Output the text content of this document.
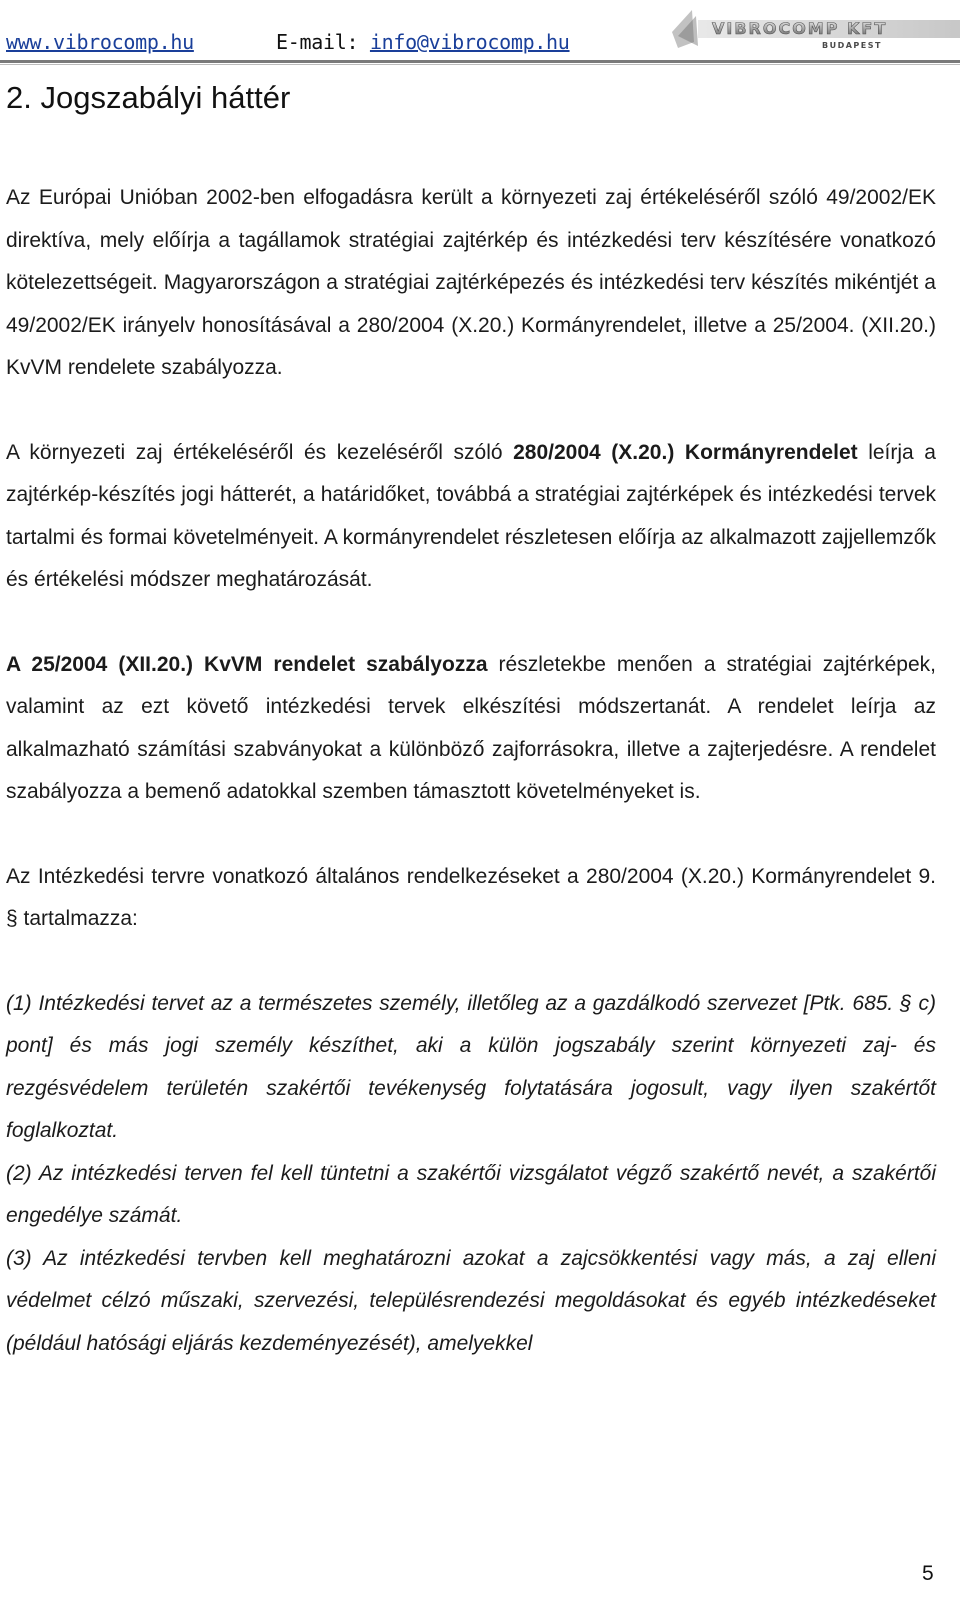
www.vibrocomp.hu	E-mail: info@vibrocomp.hu
VIBROCOMP KFT
BUDAPEST
2. Jogszabályi háttér

Az Európai Unióban 2002-ben elfogadásra került a környezeti zaj értékeléséről szóló 49/2002/EK direktíva, mely előírja a tagállamok stratégiai zajtérkép és intézkedési terv készítésére vonatkozó kötelezettségeit. Magyarországon a stratégiai zajtérképezés és intézkedési terv készítés mikéntjét a 49/2002/EK irányelv honosításával a 280/2004 (X.20.) Kormányrendelet, illetve a 25/2004. (XII.20.) KvVM rendelete szabályozza.

A környezeti zaj értékeléséről és kezeléséről szóló 280/2004 (X.20.) Kormányrendelet leírja a zajtérkép-készítés jogi hátterét, a határidőket, továbbá a stratégiai zajtérképek és intézkedési tervek tartalmi és formai követelményeit. A kormányrendelet részletesen előírja az alkalmazott zajjellemzők és értékelési módszer meghatározását.

A 25/2004 (XII.20.) KvVM rendelet szabályozza részletekbe menően a stratégiai zajtérképek, valamint az ezt követő intézkedési tervek elkészítési módszertanát. A rendelet leírja az alkalmazható számítási szabványokat a különböző zajforrásokra, illetve a zajterjedésre. A rendelet szabályozza a bemenő adatokkal szemben támasztott követelményeket is.

Az Intézkedési tervre vonatkozó általános rendelkezéseket a 280/2004 (X.20.) Kormányrendelet 9. § tartalmazza:

(1) Intézkedési tervet az a természetes személy, illetőleg az a gazdálkodó szervezet [Ptk. 685. § c) pont] és más jogi személy készíthet, aki a külön jogszabály szerint környezeti zaj- és rezgésvédelem területén szakértői tevékenység folytatására jogosult, vagy ilyen szakértőt foglalkoztat.

(2) Az intézkedési terven fel kell tüntetni a szakértői vizsgálatot végző szakértő nevét, a szakértői engedélye számát.

(3) Az intézkedési tervben kell meghatározni azokat a zajcsökkentési vagy más, a zaj elleni védelmet célzó műszaki, szervezési, településrendezési megoldásokat és egyéb intézkedéseket (például hatósági eljárás kezdeményezését), amelyekkel

5
